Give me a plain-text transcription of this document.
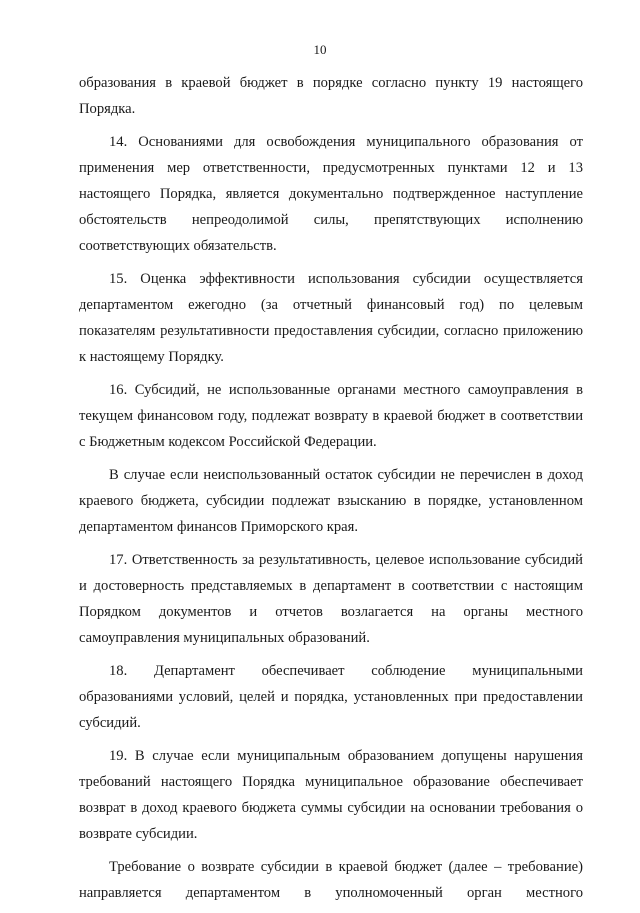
10

образования в краевой бюджет в порядке согласно пункту 19 настоящего Порядка.

14. Основаниями для освобождения муниципального образования от применения мер ответственности, предусмотренных пунктами 12 и 13 настоящего Порядка, является документально подтвержденное наступление обстоятельств непреодолимой силы, препятствующих исполнению соответствующих обязательств.

15. Оценка эффективности использования субсидии осуществляется департаментом ежегодно (за отчетный финансовый год) по целевым показателям результативности предоставления субсидии, согласно приложению к настоящему Порядку.

16. Субсидий, не использованные органами местного самоуправления в текущем финансовом году, подлежат возврату в краевой бюджет в соответствии с Бюджетным кодексом Российской Федерации.

В случае если неиспользованный остаток субсидии не перечислен в доход краевого бюджета, субсидии подлежат взысканию в порядке, установленном департаментом финансов Приморского края.

17. Ответственность за результативность, целевое использование субсидий и достоверность представляемых в департамент в соответствии с настоящим Порядком документов и отчетов возлагается на органы местного самоуправления муниципальных образований.

18. Департамент обеспечивает соблюдение муниципальными образованиями условий, целей и порядка, установленных при предоставлении субсидий.

19. В случае если муниципальным образованием допущены нарушения требований настоящего Порядка муниципальное образование обеспечивает возврат в доход краевого бюджета суммы субсидии на основании требования о возврате субсидии.

Требование о возврате субсидии в краевой бюджет (далее – требование) направляется департаментом в уполномоченный орган местного
